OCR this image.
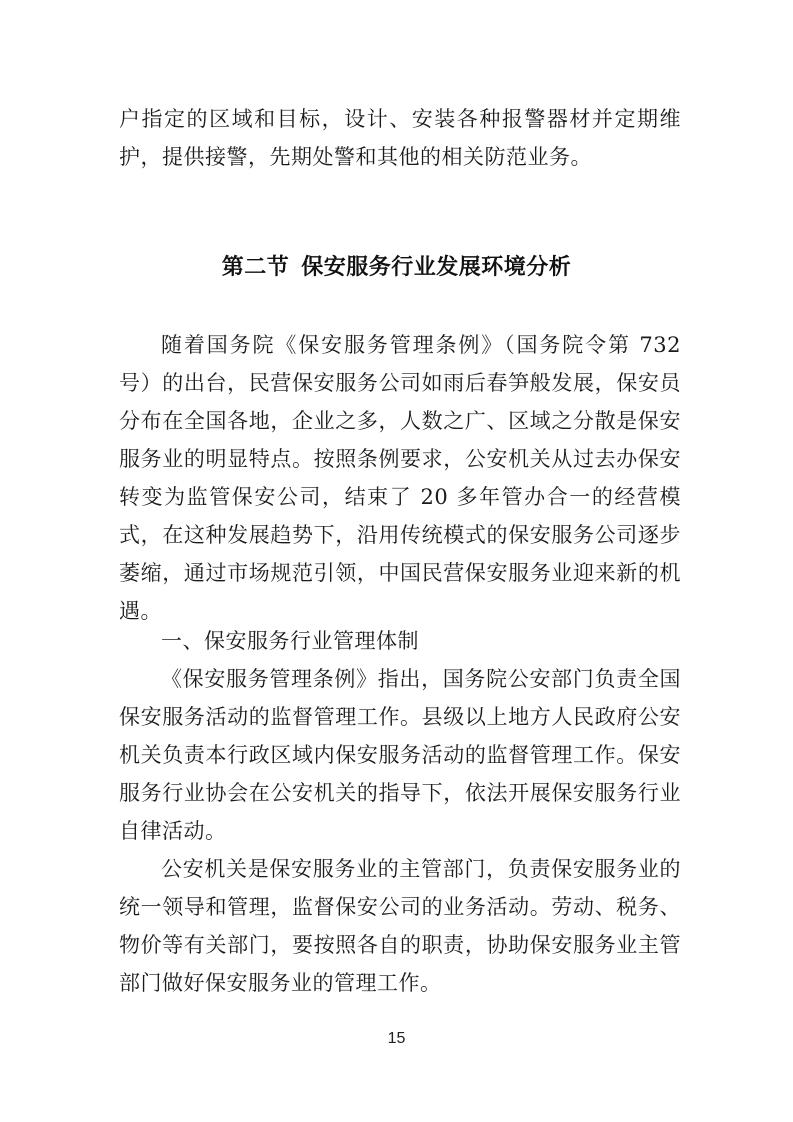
户指定的区域和目标，设计、安装各种报警器材并定期维护，提供接警，先期处警和其他的相关防范业务。

第二节 保安服务行业发展环境分析

随着国务院《保安服务管理条例》（国务院令第 732 号）的出台，民营保安服务公司如雨后春笋般发展，保安员分布在全国各地，企业之多，人数之广、区域之分散是保安服务业的明显特点。按照条例要求，公安机关从过去办保安转变为监管保安公司，结束了 20 多年管办合一的经营模式，在这种发展趋势下，沿用传统模式的保安服务公司逐步萎缩，通过市场规范引领，中国民营保安服务业迎来新的机遇。

一、保安服务行业管理体制

《保安服务管理条例》指出，国务院公安部门负责全国保安服务活动的监督管理工作。县级以上地方人民政府公安机关负责本行政区域内保安服务活动的监督管理工作。保安服务行业协会在公安机关的指导下，依法开展保安服务行业自律活动。

公安机关是保安服务业的主管部门，负责保安服务业的统一领导和管理，监督保安公司的业务活动。劳动、税务、物价等有关部门，要按照各自的职责，协助保安服务业主管部门做好保安服务业的管理工作。

15
